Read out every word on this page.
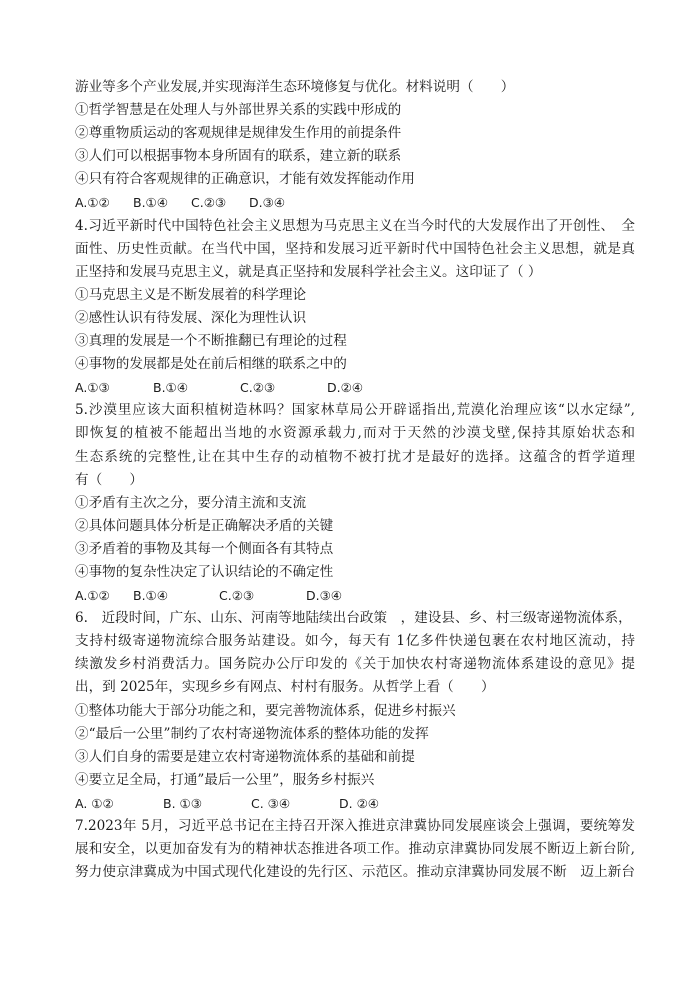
游业等多个产业发展,并实现海洋生态环境修复与优化。材料说明（　　）
①哲学智慧是在处理人与外部世界关系的实践中形成的
②尊重物质运动的客观规律是规律发生作用的前提条件
③人们可以根据事物本身所固有的联系，建立新的联系
④只有符合客观规律的正确意识，才能有效发挥能动作用
A.①②	B.①④	C.②③	D.③④
4.习近平新时代中国特色社会主义思想为马克思主义在当今时代的大发展作出了开创性、　全
面性、历史性贡献。在当代中国，坚持和发展习近平新时代中国特色社会主义思想，就是真
正坚持和发展马克思主义，就是真正坚持和发展科学社会主义。这印证了（ ）
①马克思主义是不断发展着的科学理论
②感性认识有待发展、深化为理性认识
③真理的发展是一个不断推翻已有理论的过程
④事物的发展都是处在前后相继的联系之中的
A.①③	B.①④	C.②③	D.②④
5.沙漠里应该大面积植树造林吗？国家林草局公开辟谣指出,荒漠化治理应该“以水定绿”,
即恢复的植被不能超出当地的水资源承载力,而对于天然的沙漠戈壁,保持其原始状态和
生态系统的完整性,让在其中生存的动植物不被打扰才是最好的选择。这蕴含的哲学道理
有（　　）
①矛盾有主次之分，要分清主流和支流
②具体问题具体分析是正确解决矛盾的关键
③矛盾着的事物及其每一个侧面各有其特点
④事物的复杂性决定了认识结论的不确定性
A.①②	B.①④	C.②③	D.③④
6.　近段时间，广东、山东、河南等地陆续出台政策　，建设县、乡、村三级寄递物流体系，
支持村级寄递物流综合服务站建设。如今，每天有 1亿多件快递包裹在农村地区流动，持
续激发乡村消费活力。国务院办公厅印发的《关于加快农村寄递物流体系建设的意见》提
出，到 2025年，实现乡乡有网点、村村有服务。从哲学上看（　　）
①整体功能大于部分功能之和，要完善物流体系，促进乡村振兴
②“最后一公里”制约了农村寄递物流体系的整体功能的发挥
③人们自身的需要是建立农村寄递物流体系的基础和前提
④要立足全局，打通”最后一公里”，服务乡村振兴
A. ①②	B. ①③	C. ③④	D. ②④
7.2023年 5月，习近平总书记在主持召开深入推进京津冀协同发展座谈会上强调，要统筹发
展和安全，以更加奋发有为的精神状态推进各项工作。推动京津冀协同发展不断迈上新台阶,
努力使京津冀成为中国式现代化建设的先行区、示范区。推动京津冀协同发展不断　迈上新台
